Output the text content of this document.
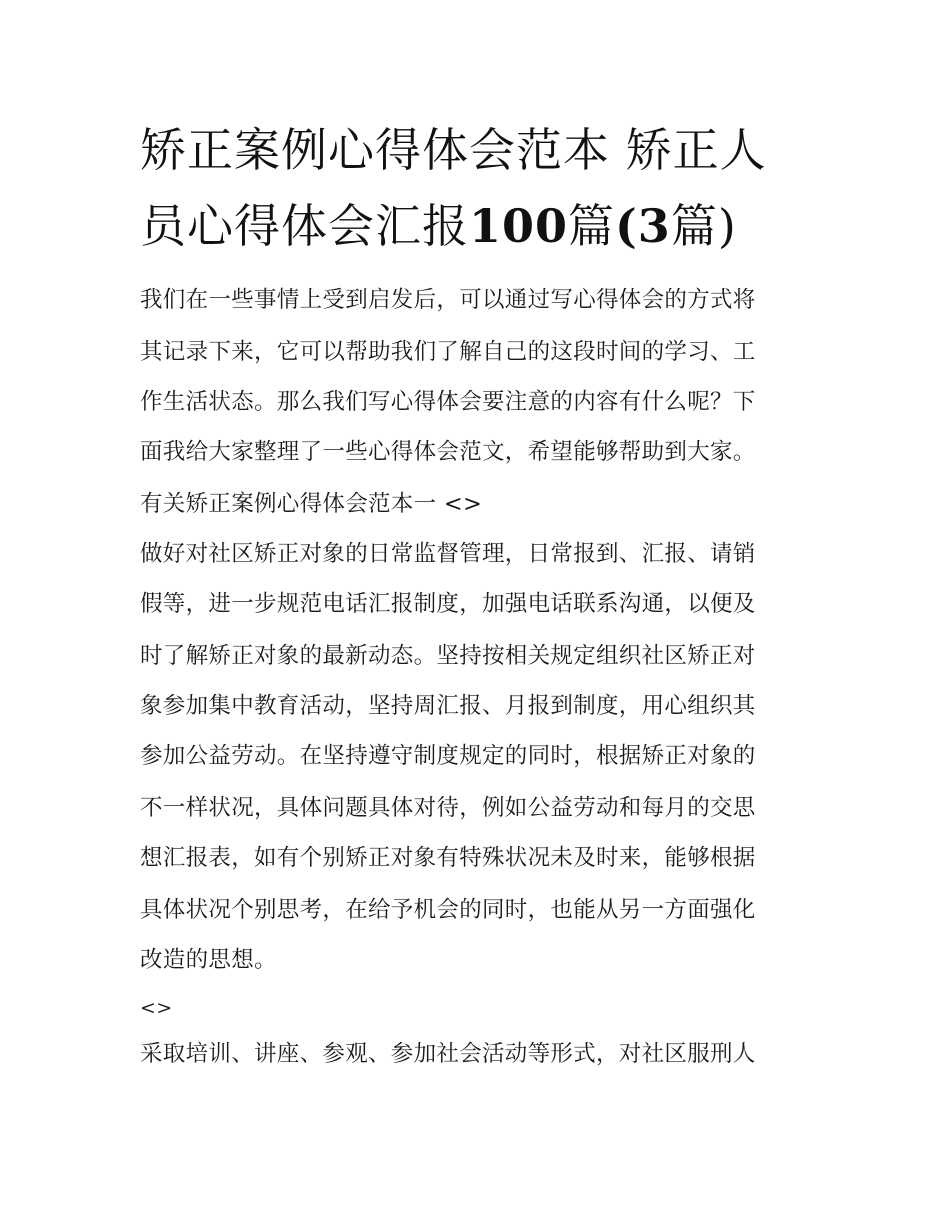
矫正案例心得体会范本 矫正人
员心得体会汇报100篇(3篇)

我们在一些事情上受到启发后，可以通过写心得体会的方式将

其记录下来，它可以帮助我们了解自己的这段时间的学习、工

作生活状态。那么我们写心得体会要注意的内容有什么呢？下

面我给大家整理了一些心得体会范文，希望能够帮助到大家。

有关矫正案例心得体会范本一 <>

做好对社区矫正对象的日常监督管理，日常报到、汇报、请销

假等，进一步规范电话汇报制度，加强电话联系沟通，以便及

时了解矫正对象的最新动态。坚持按相关规定组织社区矫正对

象参加集中教育活动，坚持周汇报、月报到制度，用心组织其

参加公益劳动。在坚持遵守制度规定的同时，根据矫正对象的

不一样状况，具体问题具体对待，例如公益劳动和每月的交思

想汇报表，如有个别矫正对象有特殊状况未及时来，能够根据

具体状况个别思考，在给予机会的同时，也能从另一方面强化

改造的思想。

<>

采取培训、讲座、参观、参加社会活动等形式，对社区服刑人
